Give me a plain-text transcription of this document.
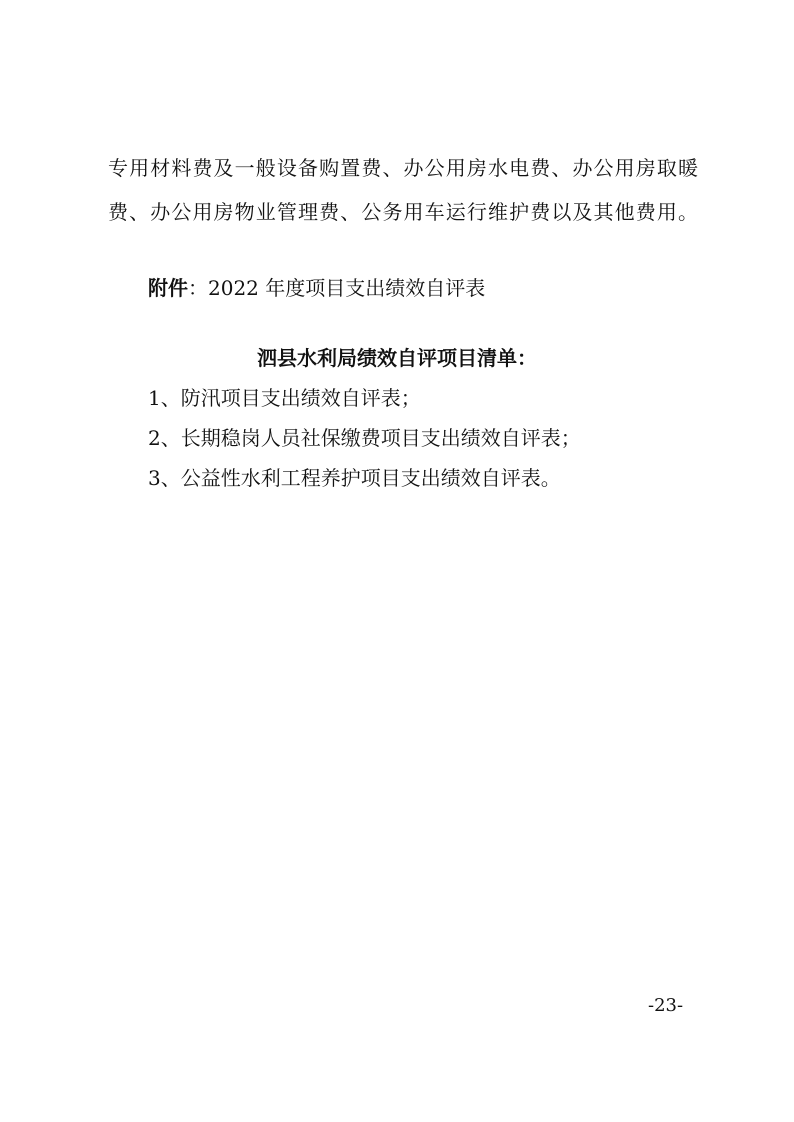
专用材料费及一般设备购置费、办公用房水电费、办公用房取暖
费、办公用房物业管理费、公务用车运行维护费以及其他费用。
附件：2022 年度项目支出绩效自评表
泗县水利局绩效自评项目清单：
1、防汛项目支出绩效自评表；
2、长期稳岗人员社保缴费项目支出绩效自评表；
3、公益性水利工程养护项目支出绩效自评表。
-23-
